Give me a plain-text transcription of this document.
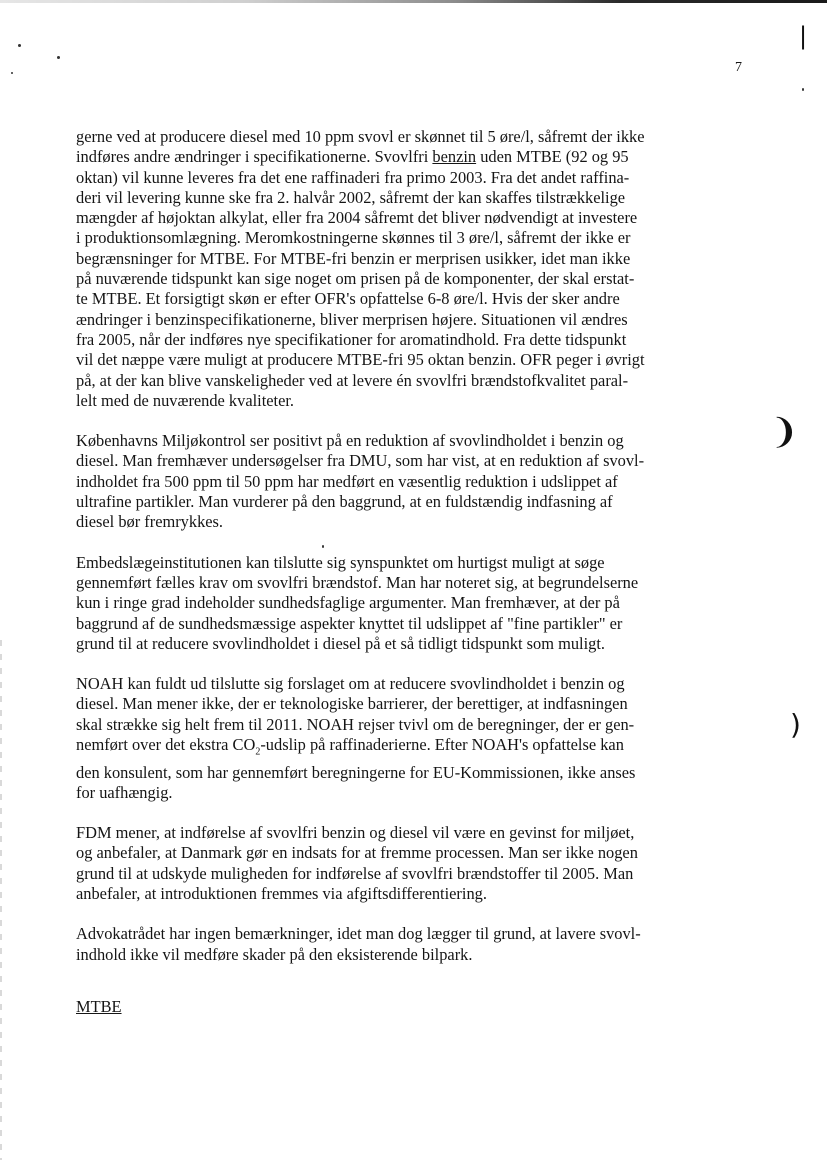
|
❩
)
7
gerne ved at producere diesel med 10 ppm svovl er skønnet til 5 øre/l, såfremt der ikke
indføres andre ændringer i specifikationerne. Svovlfri benzin uden MTBE (92 og 95
oktan) vil kunne leveres fra det ene raffinaderi fra primo 2003. Fra det andet raffina-
deri vil levering kunne ske fra 2. halvår 2002, såfremt der kan skaffes tilstrækkelige
mængder af højoktan alkylat, eller fra 2004 såfremt det bliver nødvendigt at investere
i produktionsomlægning. Meromkostningerne skønnes til 3 øre/l, såfremt der ikke er
begrænsninger for MTBE. For MTBE-fri benzin er merprisen usikker, idet man ikke
på nuværende tidspunkt kan sige noget om prisen på de komponenter, der skal erstat-
te MTBE. Et forsigtigt skøn er efter OFR's opfattelse 6-8 øre/l. Hvis der sker andre
ændringer i benzinspecifikationerne, bliver merprisen højere. Situationen vil ændres
fra 2005, når der indføres nye specifikationer for aromatindhold. Fra dette tidspunkt
vil det næppe være muligt at producere MTBE-fri 95 oktan benzin. OFR peger i øvrigt
på, at der kan blive vanskeligheder ved at levere én svovlfri brændstofkvalitet paral-
lelt med de nuværende kvaliteter.
Københavns Miljøkontrol ser positivt på en reduktion af svovlindholdet i benzin og
diesel. Man fremhæver undersøgelser fra DMU, som har vist, at en reduktion af svovl-
indholdet fra 500 ppm til 50 ppm har medført en væsentlig reduktion i udslippet af
ultrafine partikler. Man vurderer på den baggrund, at en fuldstændig indfasning af
diesel bør fremrykkes.
Embedslægeinstitutionen kan tilslutte sig synspunktet om hurtigst muligt at søge
gennemført fælles krav om svovlfri brændstof. Man har noteret sig, at begrundelserne
kun i ringe grad indeholder sundhedsfaglige argumenter. Man fremhæver, at der på
baggrund af de sundhedsmæssige aspekter knyttet til udslippet af "fine partikler" er
grund til at reducere svovlindholdet i diesel på et så tidligt tidspunkt som muligt.
NOAH kan fuldt ud tilslutte sig forslaget om at reducere svovlindholdet i benzin og
diesel. Man mener ikke, der er teknologiske barrierer, der berettiger, at indfasningen
skal strække sig helt frem til 2011. NOAH rejser tvivl om de beregninger, der er gen-
nemført over det ekstra $CO_2$-udslip på raffinaderierne. Efter NOAH's opfattelse kan
den konsulent, som har gennemført beregningerne for EU-Kommissionen, ikke anses
for uafhængig.
FDM mener, at indførelse af svovlfri benzin og diesel vil være en gevinst for miljøet,
og anbefaler, at Danmark gør en indsats for at fremme processen. Man ser ikke nogen
grund til at udskyde muligheden for indførelse af svovlfri brændstoffer til 2005. Man
anbefaler, at introduktionen fremmes via afgiftsdifferentiering.
Advokatrådet har ingen bemærkninger, idet man dog lægger til grund, at lavere svovl-
indhold ikke vil medføre skader på den eksisterende bilpark.
MTBE
